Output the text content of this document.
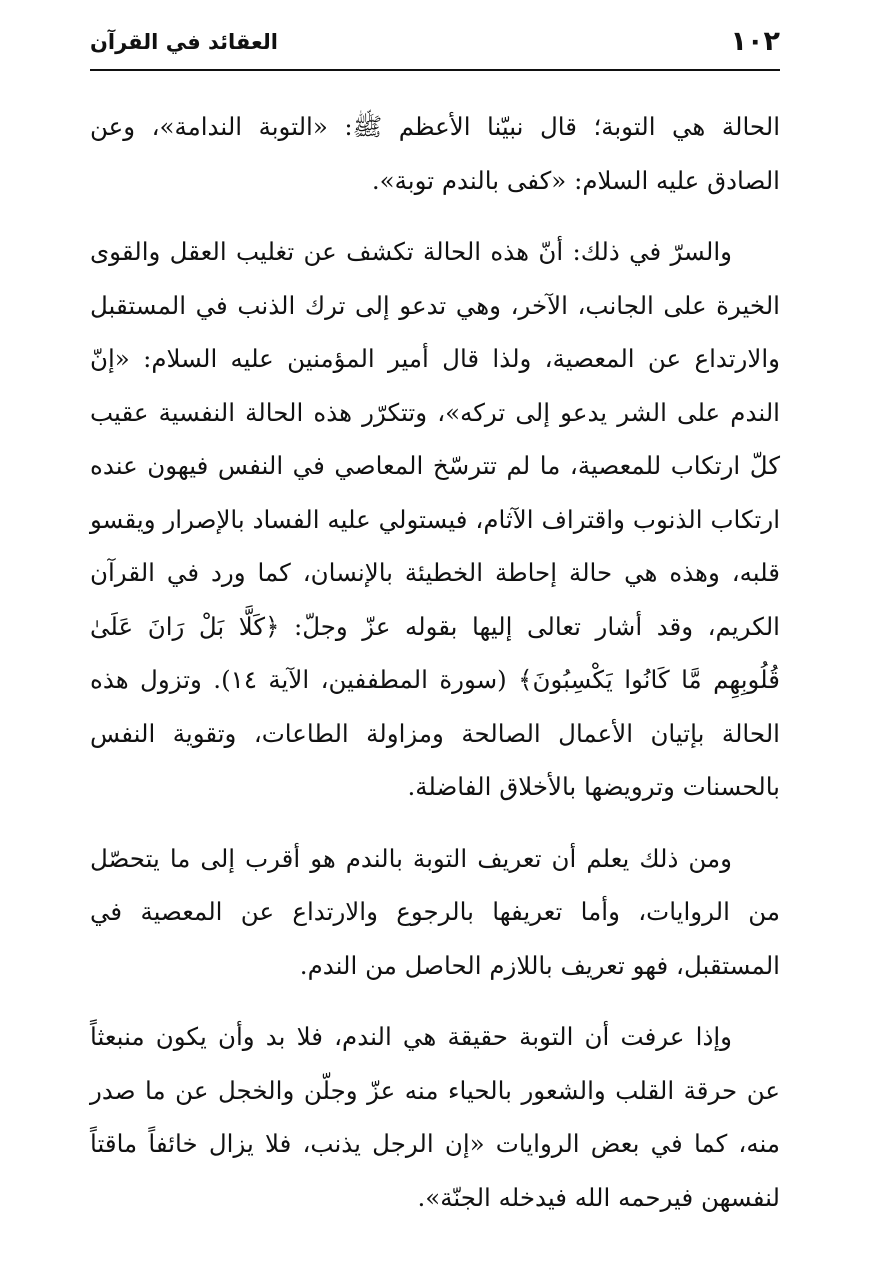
١٠٢
العقائد في القرآن

الحالة هي التوبة؛ قال نبيّنا الأعظم ﷺ: «التوبة الندامة»، وعن الصادق عليه السلام: «كفى بالندم توبة».

والسرّ في ذلك: أنّ هذه الحالة تكشف عن تغليب العقل والقوى الخيرة على الجانب، الآخر، وهي تدعو إلى ترك الذنب في المستقبل والارتداع عن المعصية، ولذا قال أمير المؤمنين عليه السلام: «إنّ الندم على الشر يدعو إلى تركه»، وتتكرّر هذه الحالة النفسية عقيب كلّ ارتكاب للمعصية، ما لم تترسّخ المعاصي في النفس فيهون عنده ارتكاب الذنوب واقتراف الآثام، فيستولي عليه الفساد بالإصرار ويقسو قلبه، وهذه هي حالة إحاطة الخطيئة بالإنسان، كما ورد في القرآن الكريم، وقد أشار تعالى إليها بقوله عزّ وجلّ: ﴿كَلَّا بَلْ رَانَ عَلَىٰ قُلُوبِهِم مَّا كَانُوا يَكْسِبُونَ﴾ (سورة المطففين، الآية ١٤). وتزول هذه الحالة بإتيان الأعمال الصالحة ومزاولة الطاعات، وتقوية النفس بالحسنات وترويضها بالأخلاق الفاضلة.

ومن ذلك يعلم أن تعريف التوبة بالندم هو أقرب إلى ما يتحصّل من الروايات، وأما تعريفها بالرجوع والارتداع عن المعصية في المستقبل، فهو تعريف باللازم الحاصل من الندم.

وإذا عرفت أن التوبة حقيقة هي الندم، فلا بد وأن يكون منبعثاً عن حرقة القلب والشعور بالحياء منه عزّ وجلّن والخجل عن ما صدر منه، كما في بعض الروايات «إن الرجل يذنب، فلا يزال خائفاً ماقتاً لنفسهن فيرحمه الله فيدخله الجنّة».
